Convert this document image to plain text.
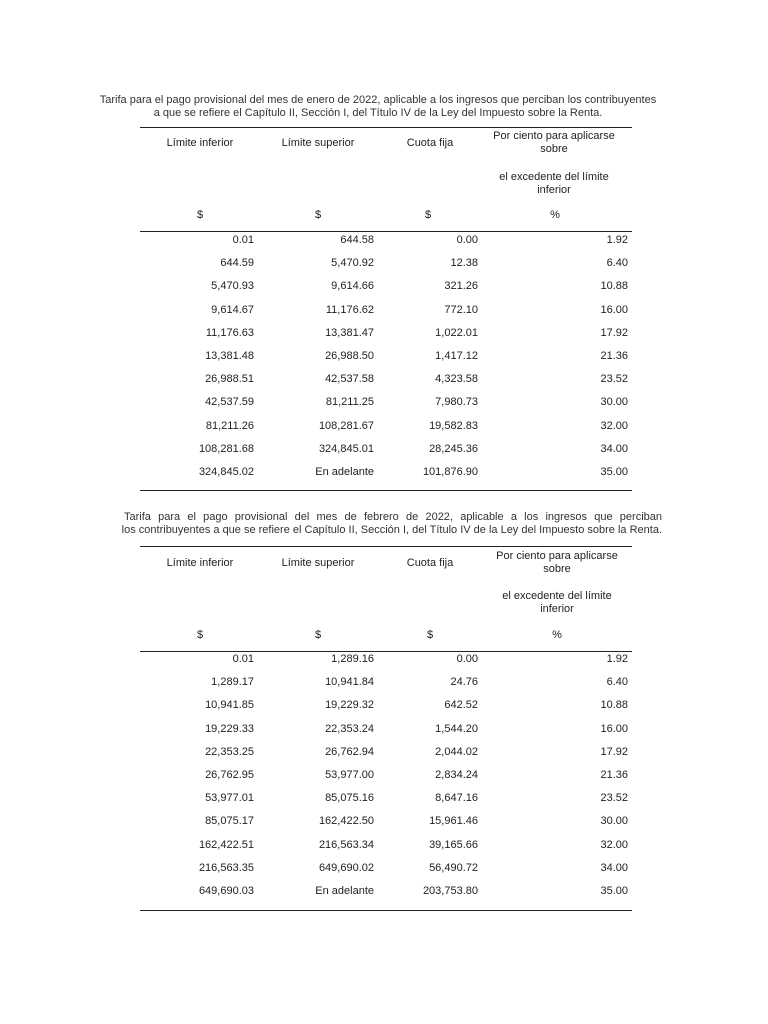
Tarifa para el pago provisional del mes de enero de 2022, aplicable a los ingresos que perciban los contribuyentes
a que se refiere el Capítulo II, Sección I, del Título IV de la Ley del Impuesto sobre la Renta.
Límite inferior	Límite superior	Cuota fija
Por ciento para aplicarse
sobre
el excedente del límite
inferior
$	$	$	%
0.01	644.58	0.00	1.92
644.59	5,470.92	12.38	6.40
5,470.93	9,614.66	321.26	10.88
9,614.67	11,176.62	772.10	16.00
11,176.63	13,381.47	1,022.01	17.92
13,381.48	26,988.50	1,417.12	21.36
26,988.51	42,537.58	4,323.58	23.52
42,537.59	81,211.25	7,980.73	30.00
81,211.26	108,281.67	19,582.83	32.00
108,281.68	324,845.01	28,245.36	34.00
324,845.02	En adelante	101,876.90	35.00
Tarifa para el pago provisional del mes de febrero de 2022, aplicable a los ingresos que perciban
los contribuyentes a que se refiere el Capítulo II, Sección I, del Título IV de la Ley del Impuesto sobre la Renta.
Límite inferior	Límite superior	Cuota fija
Por ciento para aplicarse
sobre
el excedente del límite
inferior
$	$	$	%
0.01	1,289.16	0.00	1.92
1,289.17	10,941.84	24.76	6.40
10,941.85	19,229.32	642.52	10.88
19,229.33	22,353.24	1,544.20	16.00
22,353.25	26,762.94	2,044.02	17.92
26,762.95	53,977.00	2,834.24	21.36
53,977.01	85,075.16	8,647.16	23.52
85,075.17	162,422.50	15,961.46	30.00
162,422.51	216,563.34	39,165.66	32.00
216,563.35	649,690.02	56,490.72	34.00
649,690.03	En adelante	203,753.80	35.00
